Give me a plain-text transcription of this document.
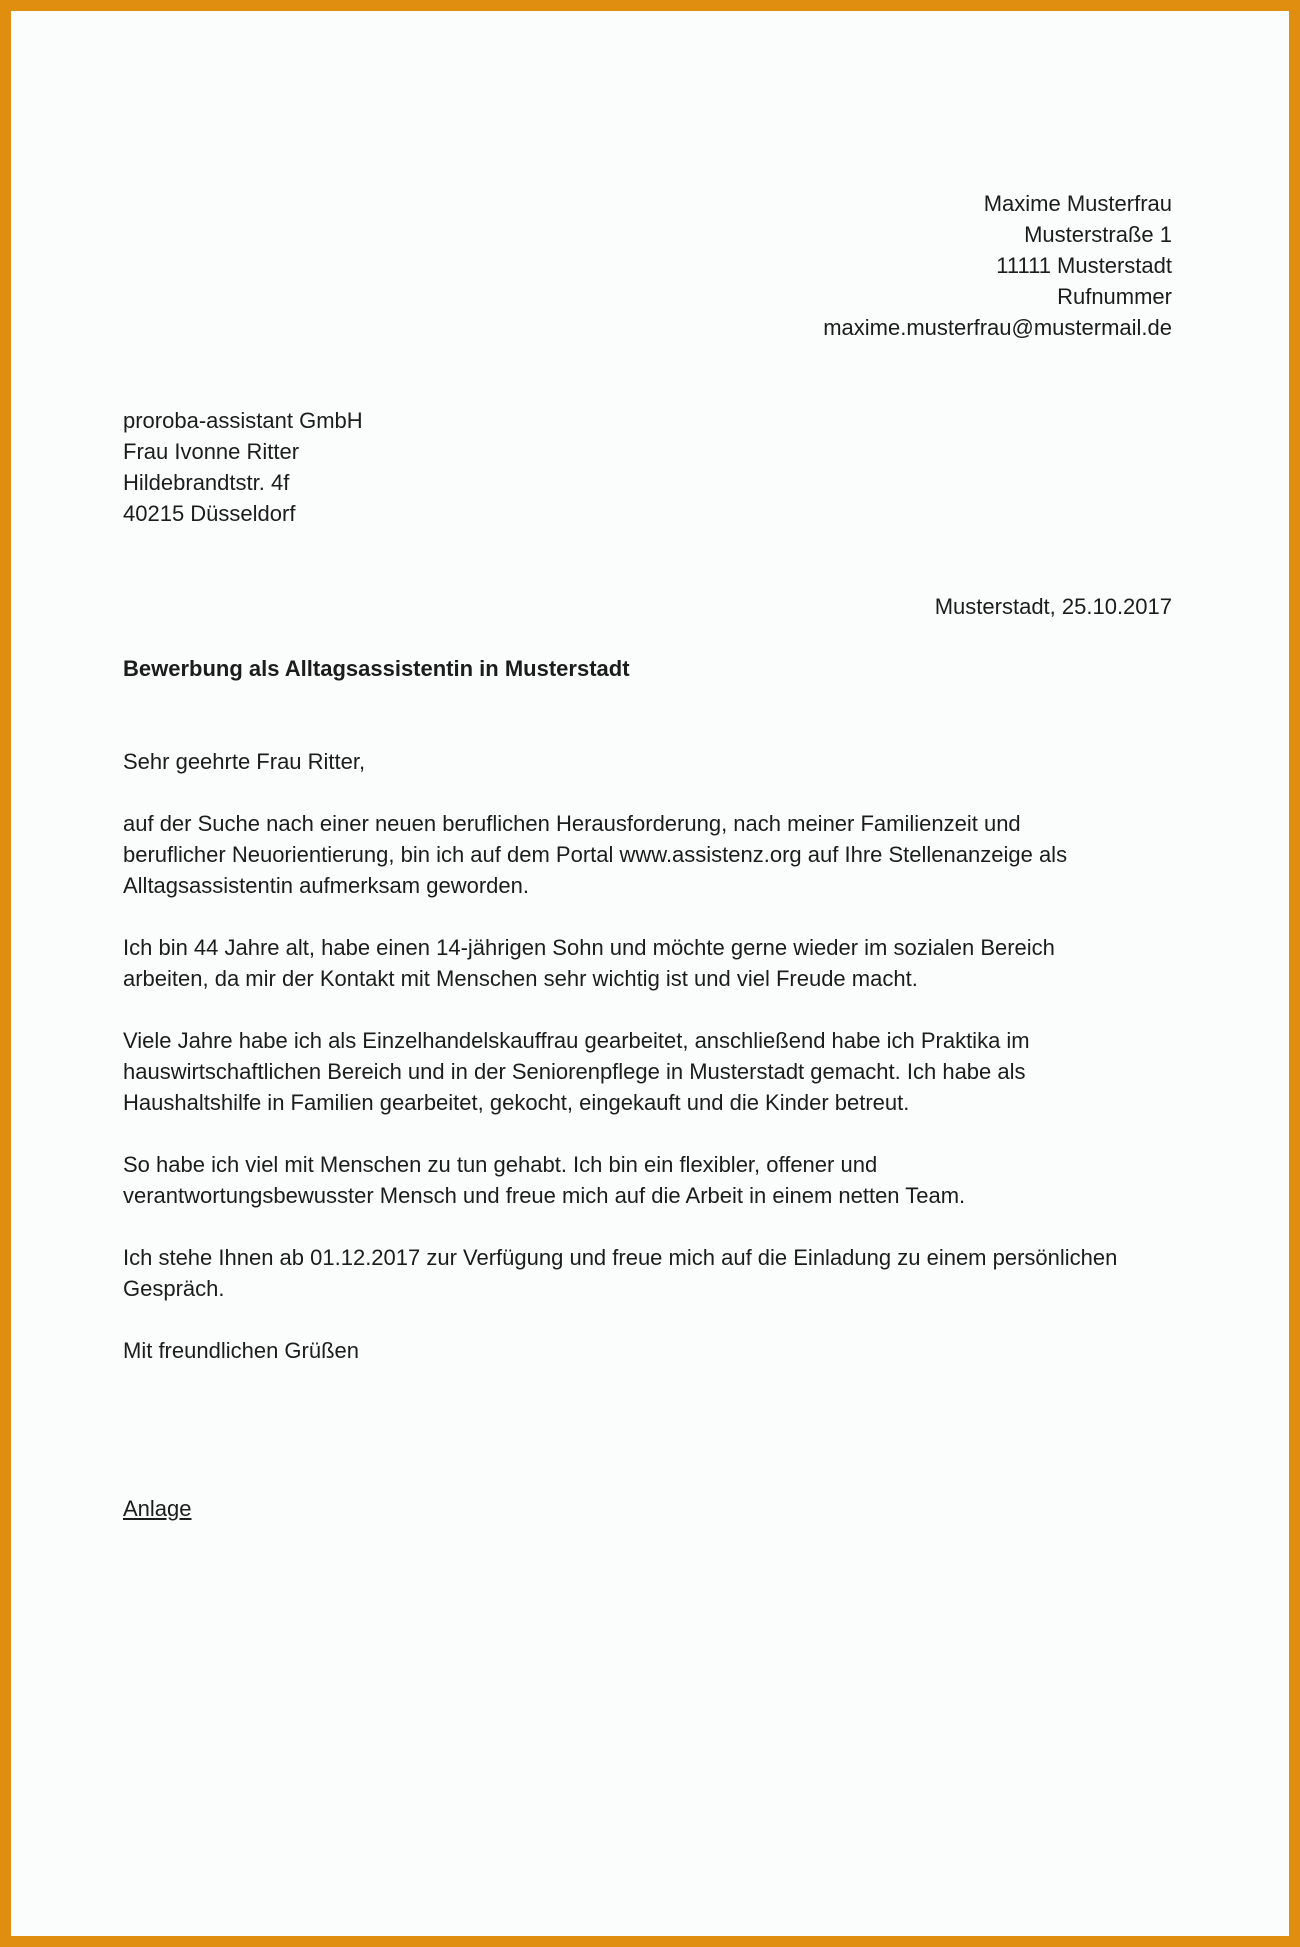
Maxime Musterfrau
Musterstraße 1
11111 Musterstadt
Rufnummer
maxime.musterfrau@mustermail.de
proroba-assistant GmbH
Frau Ivonne Ritter
Hildebrandtstr. 4f
40215 Düsseldorf
Musterstadt, 25.10.2017
Bewerbung als Alltagsassistentin in Musterstadt

Sehr geehrte Frau Ritter,

auf der Suche nach einer neuen beruflichen Herausforderung, nach meiner Familienzeit und
beruflicher Neuorientierung, bin ich auf dem Portal www.assistenz.org auf Ihre Stellenanzeige als
Alltagsassistentin aufmerksam geworden.

Ich bin 44 Jahre alt, habe einen 14-jährigen Sohn und möchte gerne wieder im sozialen Bereich
arbeiten, da mir der Kontakt mit Menschen sehr wichtig ist und viel Freude macht.

Viele Jahre habe ich als Einzelhandelskauffrau gearbeitet, anschließend habe ich Praktika im
hauswirtschaftlichen Bereich und in der Seniorenpflege in Musterstadt gemacht. Ich habe als
Haushaltshilfe in Familien gearbeitet, gekocht, eingekauft und die Kinder betreut.

So habe ich viel mit Menschen zu tun gehabt. Ich bin ein flexibler, offener und
verantwortungsbewusster Mensch und freue mich auf die Arbeit in einem netten Team.

Ich stehe Ihnen ab 01.12.2017 zur Verfügung und freue mich auf die Einladung zu einem persönlichen
Gespräch.

Mit freundlichen Grüßen

Anlage
